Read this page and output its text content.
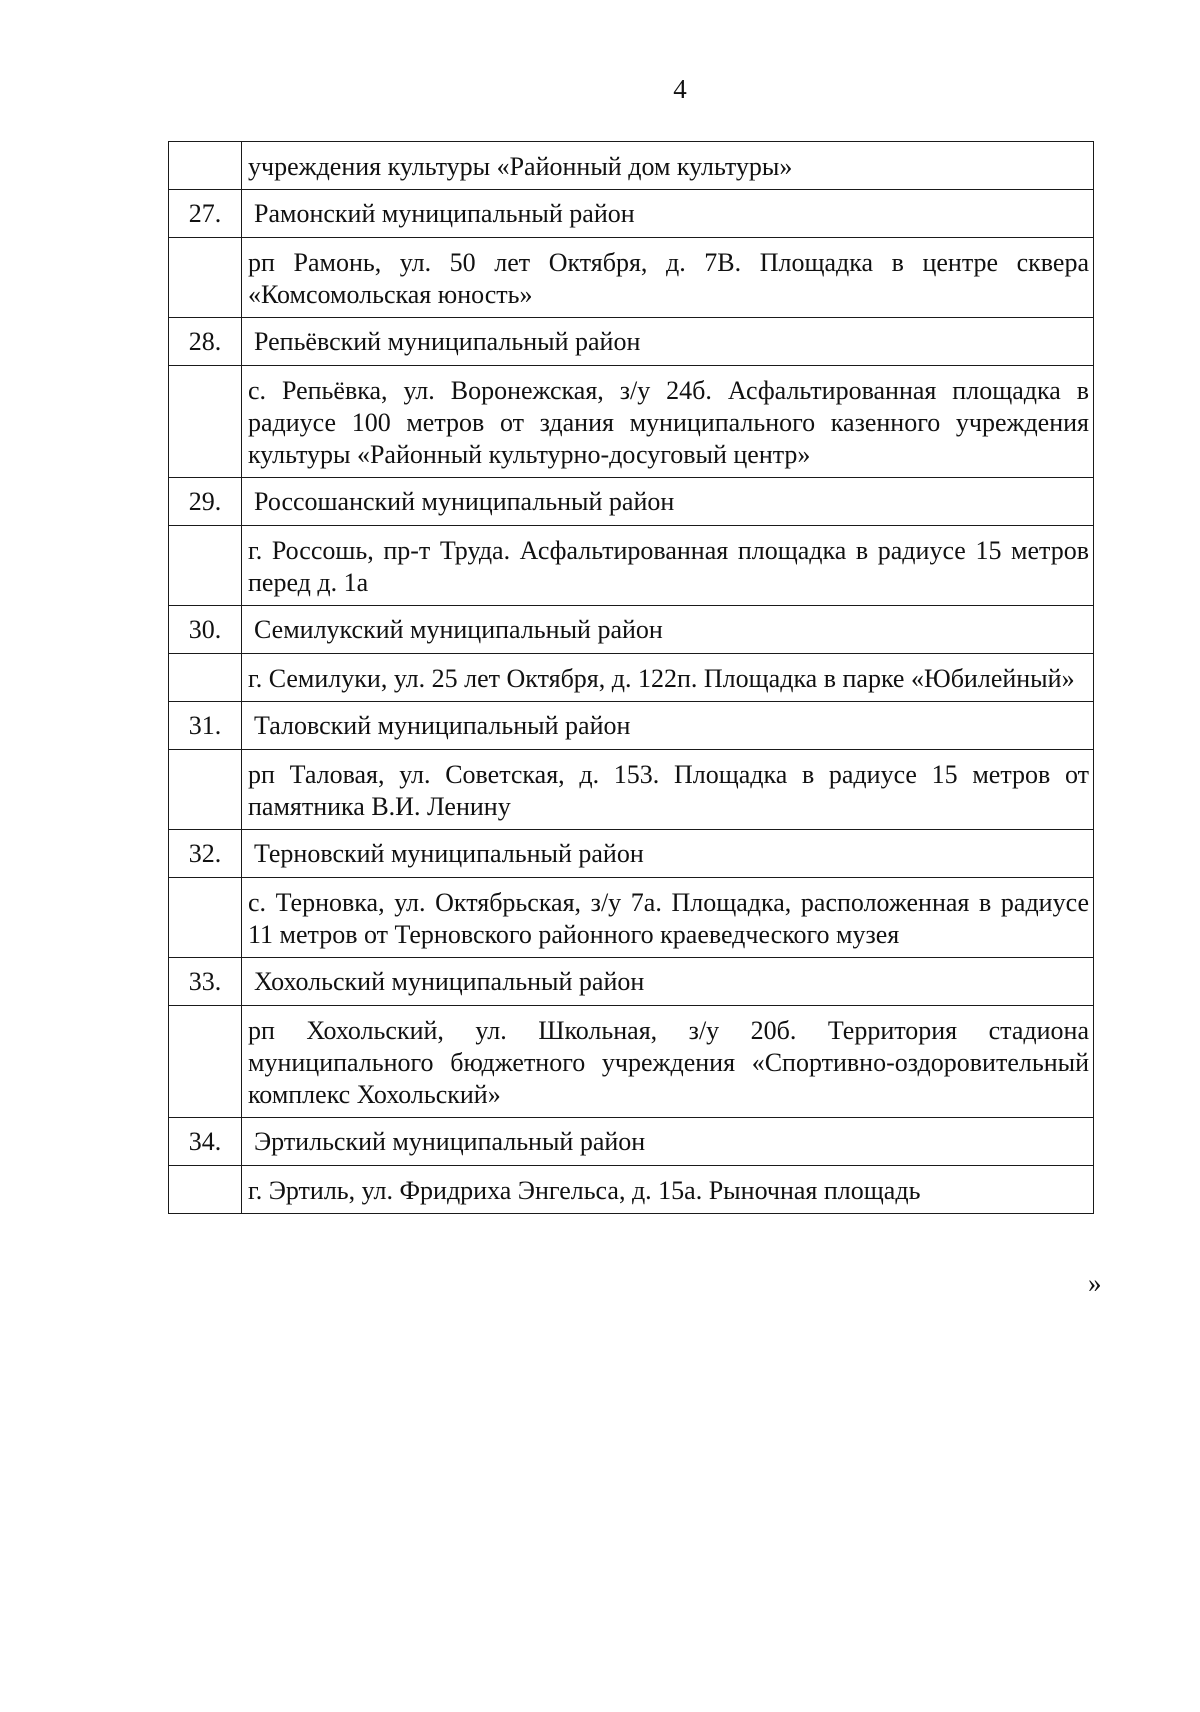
4
	учреждения культуры «Районный дом культуры»
27.	Рамонский муниципальный район
	рп Рамонь, ул. 50 лет Октября, д. 7В. Площадка в центре сквера «Комсомольская юность»
28.	Репьёвский муниципальный район
	с. Репьёвка, ул. Воронежская, з/у 24б. Асфальтированная площадка в радиусе 100 метров от здания муниципального казенного учреждения культуры «Районный культурно-досуговый центр»
29.	Россошанский муниципальный район
	г. Россошь, пр-т Труда. Асфальтированная площадка в радиусе 15 метров перед д. 1а
30.	Семилукский муниципальный район
	г. Семилуки, ул. 25 лет Октября, д. 122п. Площадка в парке «Юбилейный»
31.	Таловский муниципальный район
	рп Таловая, ул. Советская, д. 153. Площадка в радиусе 15 метров от памятника В.И. Ленину
32.	Терновский муниципальный район
	с. Терновка, ул. Октябрьская, з/у 7а. Площадка, расположенная в радиусе 11 метров от Терновского районного краеведческого музея
33.	Хохольский муниципальный район
	рп Хохольский, ул. Школьная, з/у 20б. Территория стадиона муниципального бюджетного учреждения «Спортивно-оздоровительный комплекс Хохольский»
34.	Эртильский муниципальный район
	г. Эртиль, ул. Фридриха Энгельса, д. 15а. Рыночная площадь
»
